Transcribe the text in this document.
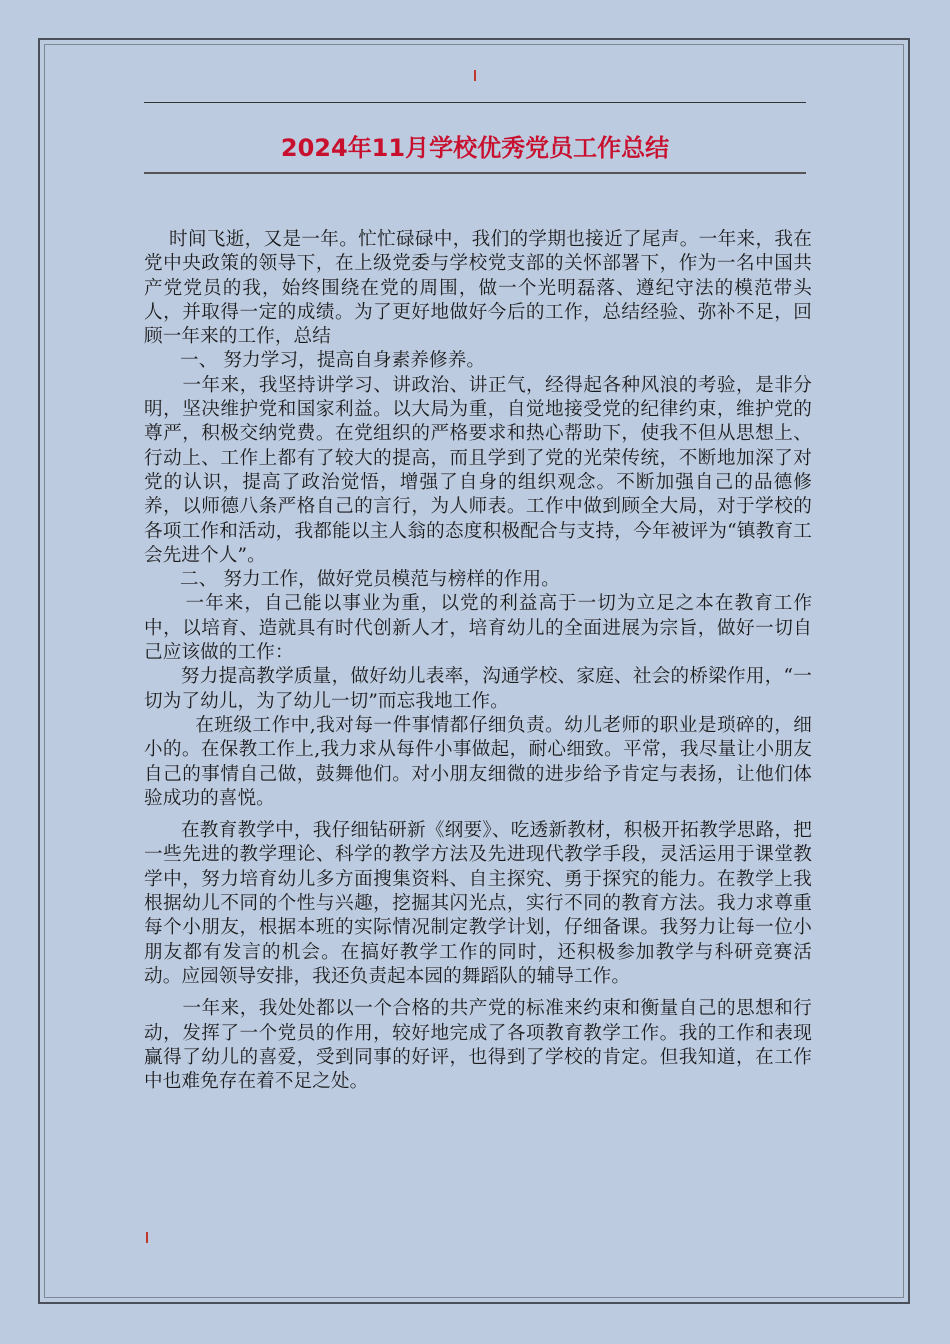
2024年11月学校优秀党员工作总结

时间飞逝，又是一年。忙忙碌碌中，我们的学期也接近了尾声。一年来，我在党中央政策的领导下，在上级党委与学校党支部的关怀部署下，作为一名中国共产党党员的我，始终围绕在党的周围，做一个光明磊落、遵纪守法的模范带头人，并取得一定的成绩。为了更好地做好今后的工作，总结经验、弥补不足，回顾一年来的工作，总结

一、 努力学习，提高自身素养修养。

一年来，我坚持讲学习、讲政治、讲正气，经得起各种风浪的考验，是非分明，坚决维护党和国家利益。以大局为重，自觉地接受党的纪律约束，维护党的尊严，积极交纳党费。在党组织的严格要求和热心帮助下，使我不但从思想上、行动上、工作上都有了较大的提高，而且学到了党的光荣传统，不断地加深了对党的认识，提高了政治觉悟，增强了自身的组织观念。不断加强自己的品德修养，以师德八条严格自己的言行，为人师表。工作中做到顾全大局，对于学校的各项工作和活动，我都能以主人翁的态度积极配合与支持，今年被评为“镇教育工会先进个人”。

二、 努力工作，做好党员模范与榜样的作用。

一年来，自己能以事业为重，以党的利益高于一切为立足之本在教育工作中，以培育、造就具有时代创新人才，培育幼儿的全面进展为宗旨，做好一切自己应该做的工作：

努力提高教学质量，做好幼儿表率，沟通学校、家庭、社会的桥梁作用，“一切为了幼儿，为了幼儿一切”而忘我地工作。

在班级工作中,我对每一件事情都仔细负责。幼儿老师的职业是琐碎的，细小的。在保教工作上,我力求从每件小事做起，耐心细致。平常，我尽量让小朋友自己的事情自己做，鼓舞他们。对小朋友细微的进步给予肯定与表扬，让他们体验成功的喜悦。

在教育教学中，我仔细钻研新《纲要》、吃透新教材，积极开拓教学思路，把一些先进的教学理论、科学的教学方法及先进现代教学手段，灵活运用于课堂教学中，努力培育幼儿多方面搜集资料、自主探究、勇于探究的能力。在教学上我根据幼儿不同的个性与兴趣，挖掘其闪光点，实行不同的教育方法。我力求尊重每个小朋友，根据本班的实际情况制定教学计划，仔细备课。我努力让每一位小朋友都有发言的机会。在搞好教学工作的同时，还积极参加教学与科研竞赛活动。应园领导安排，我还负责起本园的舞蹈队的辅导工作。

一年来，我处处都以一个合格的共产党的标准来约束和衡量自己的思想和行动，发挥了一个党员的作用，较好地完成了各项教育教学工作。我的工作和表现赢得了幼儿的喜爱，受到同事的好评，也得到了学校的肯定。但我知道，在工作中也难免存在着不足之处。
